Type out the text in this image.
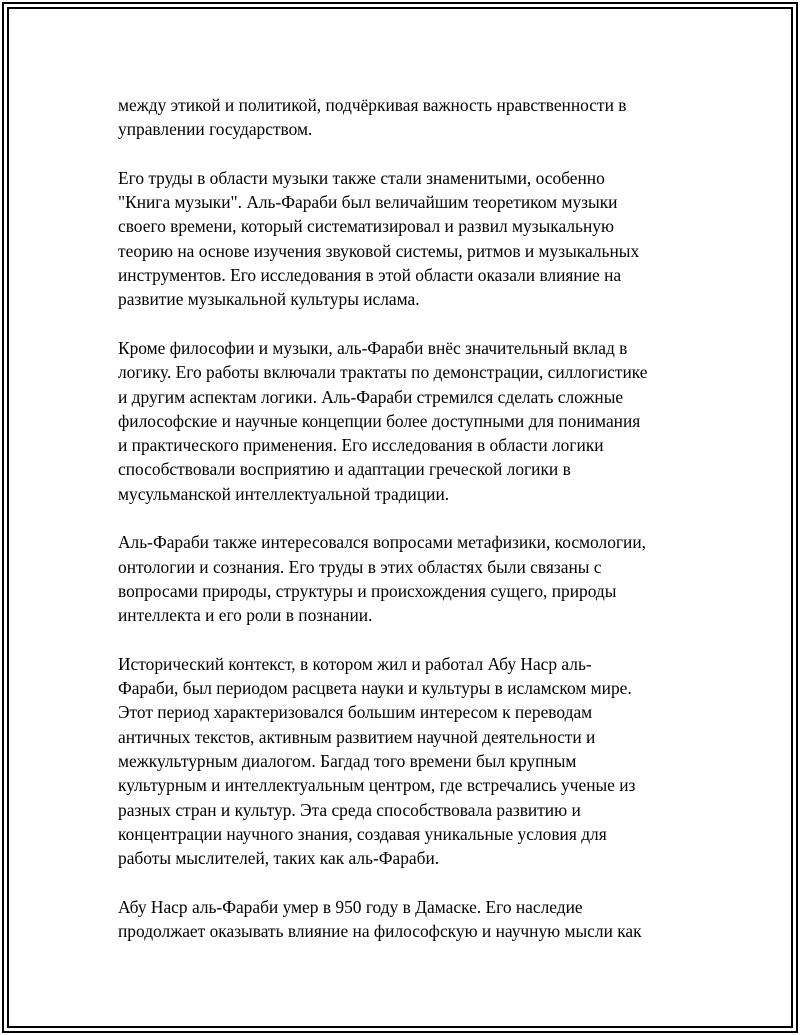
между этикой и политикой, подчёркивая важность нравственности в
управлении государством.

Его труды в области музыки также стали знаменитыми, особенно
"Книга музыки". Аль-Фараби был величайшим теоретиком музыки
своего времени, который систематизировал и развил музыкальную
теорию на основе изучения звуковой системы, ритмов и музыкальных
инструментов. Его исследования в этой области оказали влияние на
развитие музыкальной культуры ислама.

Кроме философии и музыки, аль-Фараби внёс значительный вклад в
логику. Его работы включали трактаты по демонстрации, силлогистике
и другим аспектам логики. Аль-Фараби стремился сделать сложные
философские и научные концепции более доступными для понимания
и практического применения. Его исследования в области логики
способствовали восприятию и адаптации греческой логики в
мусульманской интеллектуальной традиции.

Аль-Фараби также интересовался вопросами метафизики, космологии,
онтологии и сознания. Его труды в этих областях были связаны с
вопросами природы, структуры и происхождения сущего, природы
интеллекта и его роли в познании.

Исторический контекст, в котором жил и работал Абу Наср аль-
Фараби, был периодом расцвета науки и культуры в исламском мире.
Этот период характеризовался большим интересом к переводам
античных текстов, активным развитием научной деятельности и
межкультурным диалогом. Багдад того времени был крупным
культурным и интеллектуальным центром, где встречались ученые из
разных стран и культур. Эта среда способствовала развитию и
концентрации научного знания, создавая уникальные условия для
работы мыслителей, таких как аль-Фараби.

Абу Наср аль-Фараби умер в 950 году в Дамаске. Его наследие
продолжает оказывать влияние на философскую и научную мысли как
